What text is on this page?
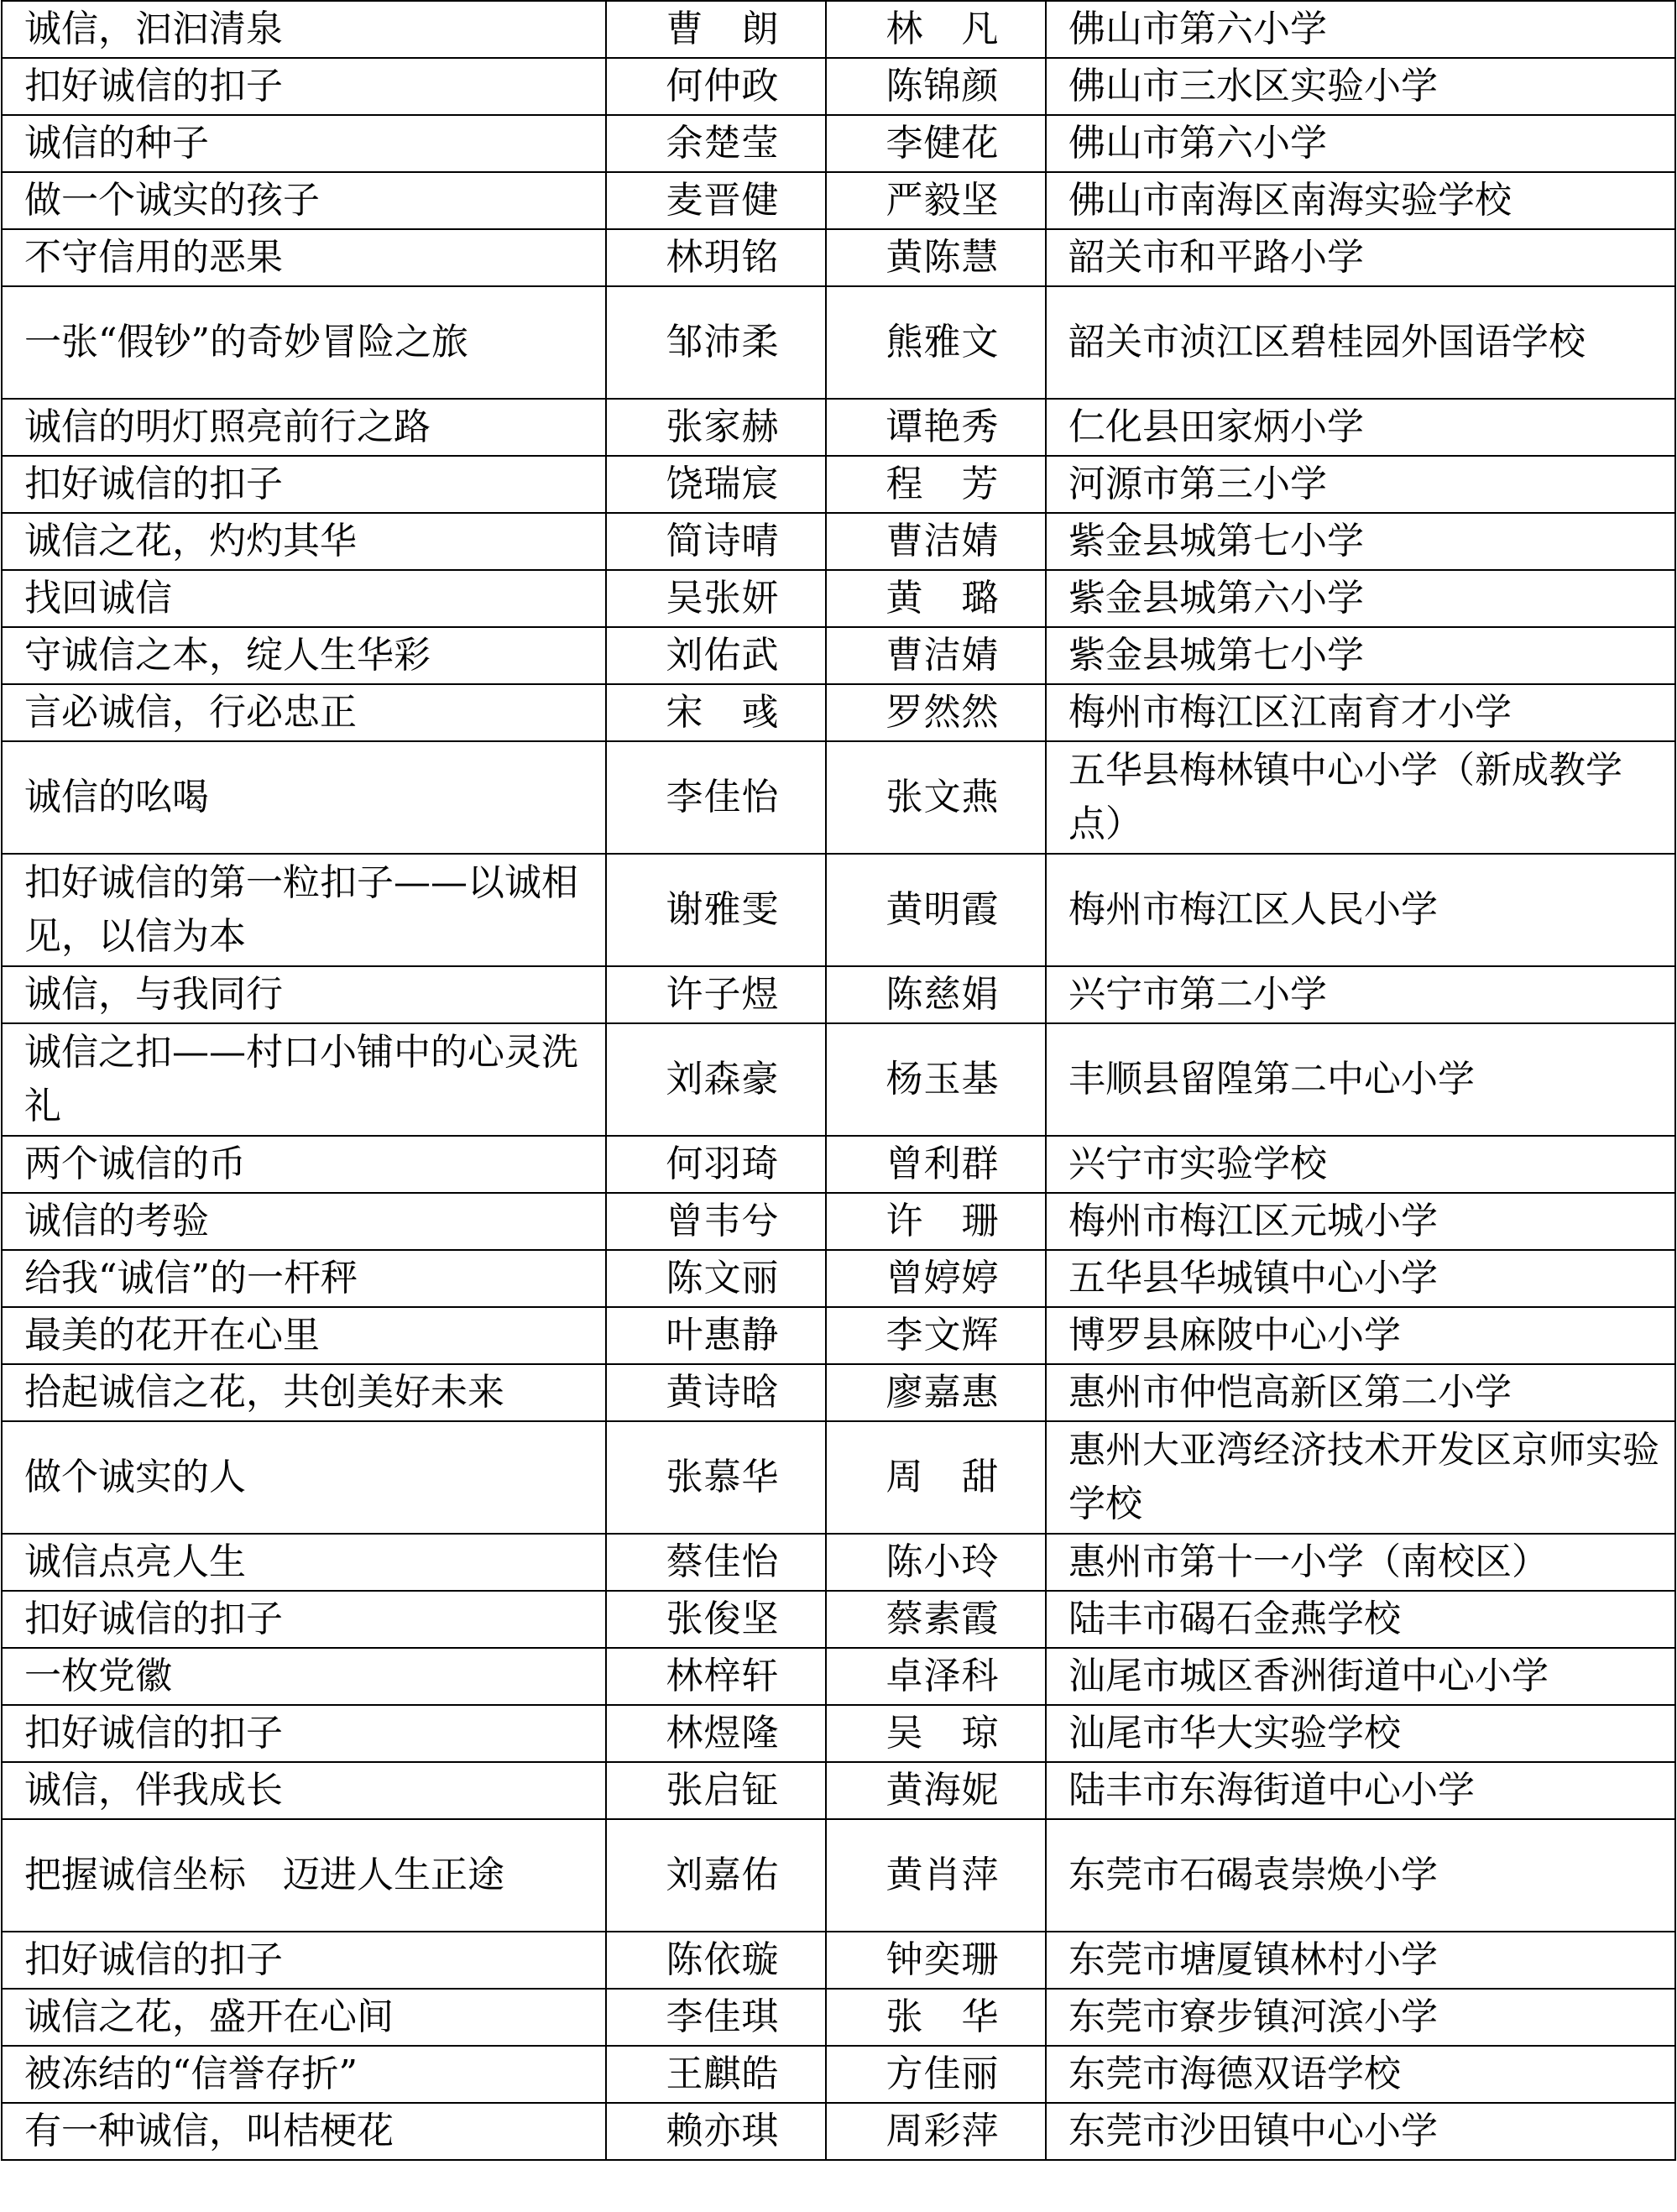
诚信，汩汩清泉	曹　朗	林　凡	佛山市第六小学
扣好诚信的扣子	何仲政	陈锦颜	佛山市三水区实验小学
诚信的种子	余楚莹	李健花	佛山市第六小学
做一个诚实的孩子	麦晋健	严毅坚	佛山市南海区南海实验学校
不守信用的恶果	林玥铭	黄陈慧	韶关市和平路小学
一张“假钞”的奇妙冒险之旅	邹沛柔	熊雅文	韶关市浈江区碧桂园外国语学校
诚信的明灯照亮前行之路	张家赫	谭艳秀	仁化县田家炳小学
扣好诚信的扣子	饶瑞宸	程　芳	河源市第三小学
诚信之花，灼灼其华	简诗晴	曹洁婧	紫金县城第七小学
找回诚信	吴张妍	黄　璐	紫金县城第六小学
守诚信之本，绽人生华彩	刘佑武	曹洁婧	紫金县城第七小学
言必诚信，行必忠正	宋　彧	罗然然	梅州市梅江区江南育才小学
诚信的吆喝	李佳怡	张文燕	五华县梅林镇中心小学（新成教学点）
扣好诚信的第一粒扣子——以诚相见，以信为本	谢雅雯	黄明霞	梅州市梅江区人民小学
诚信，与我同行	许子煜	陈慈娟	兴宁市第二小学
诚信之扣——村口小铺中的心灵洗礼	刘森豪	杨玉基	丰顺县留隍第二中心小学
两个诚信的币	何羽琦	曾利群	兴宁市实验学校
诚信的考验	曾韦兮	许　珊	梅州市梅江区元城小学
给我“诚信”的一杆秤	陈文丽	曾婷婷	五华县华城镇中心小学
最美的花开在心里	叶惠静	李文辉	博罗县麻陂中心小学
拾起诚信之花，共创美好未来	黄诗晗	廖嘉惠	惠州市仲恺高新区第二小学
做个诚实的人	张慕华	周　甜	惠州大亚湾经济技术开发区京师实验学校
诚信点亮人生	蔡佳怡	陈小玲	惠州市第十一小学（南校区）
扣好诚信的扣子	张俊坚	蔡素霞	陆丰市碣石金燕学校
一枚党徽	林梓轩	卓泽科	汕尾市城区香洲街道中心小学
扣好诚信的扣子	林煜隆	吴　琼	汕尾市华大实验学校
诚信，伴我成长	张启钲	黄海妮	陆丰市东海街道中心小学
把握诚信坐标　迈进人生正途	刘嘉佑	黄肖萍	东莞市石碣袁崇焕小学
扣好诚信的扣子	陈依璇	钟奕珊	东莞市塘厦镇林村小学
诚信之花，盛开在心间	李佳琪	张　华	东莞市寮步镇河滨小学
被冻结的“信誉存折”	王麒皓	方佳丽	东莞市海德双语学校
有一种诚信，叫桔梗花	赖亦琪	周彩萍	东莞市沙田镇中心小学
